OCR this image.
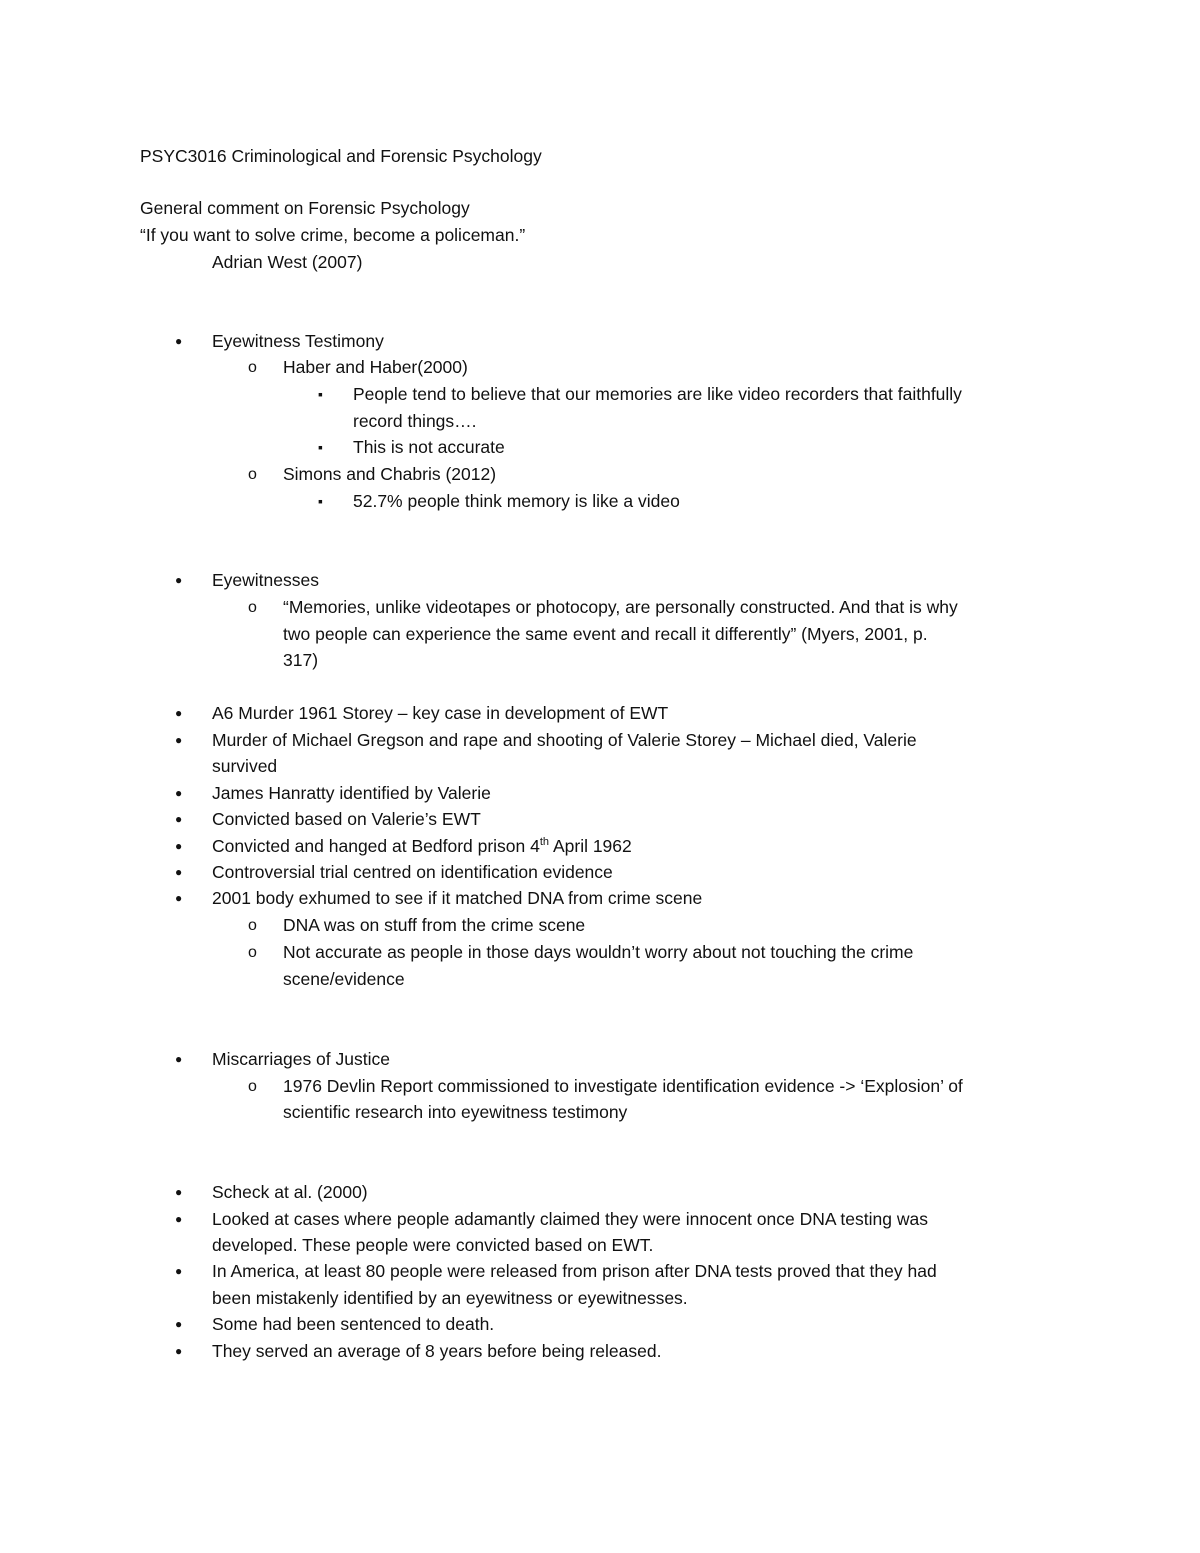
PSYC3016 Criminological and Forensic Psychology

General comment on Forensic Psychology

“If you want to solve crime, become a policeman.”

Adrian West (2007)

●

Eyewitness Testimony

o

Haber and Haber(2000)

▪

People tend to believe that our memories are like video recorders that faithfully

record things….

▪

This is not accurate

o

Simons and Chabris (2012)

▪

52.7% people think memory is like a video

●

Eyewitnesses

o

“Memories, unlike videotapes or photocopy, are personally constructed. And that is why

two people can experience the same event and recall it differently” (Myers, 2001, p.

317)

●

A6 Murder 1961 Storey – key case in development of EWT

●

Murder of Michael Gregson and rape and shooting of Valerie Storey – Michael died, Valerie

survived

●

James Hanratty identified by Valerie

●

Convicted based on Valerie’s EWT

●

Convicted and hanged at Bedford prison 4th April 1962

●

Controversial trial centred on identification evidence

●

2001 body exhumed to see if it matched DNA from crime scene

o

DNA was on stuff from the crime scene

o

Not accurate as people in those days wouldn’t worry about not touching the crime

scene/evidence

●

Miscarriages of Justice

o

1976 Devlin Report commissioned to investigate identification evidence -> ‘Explosion’ of

scientific research into eyewitness testimony

●

Scheck at al. (2000)

●

Looked at cases where people adamantly claimed they were innocent once DNA testing was

developed. These people were convicted based on EWT.

●

In America, at least 80 people were released from prison after DNA tests proved that they had

been mistakenly identified by an eyewitness or eyewitnesses.

●

Some had been sentenced to death.

●

They served an average of 8 years before being released.
